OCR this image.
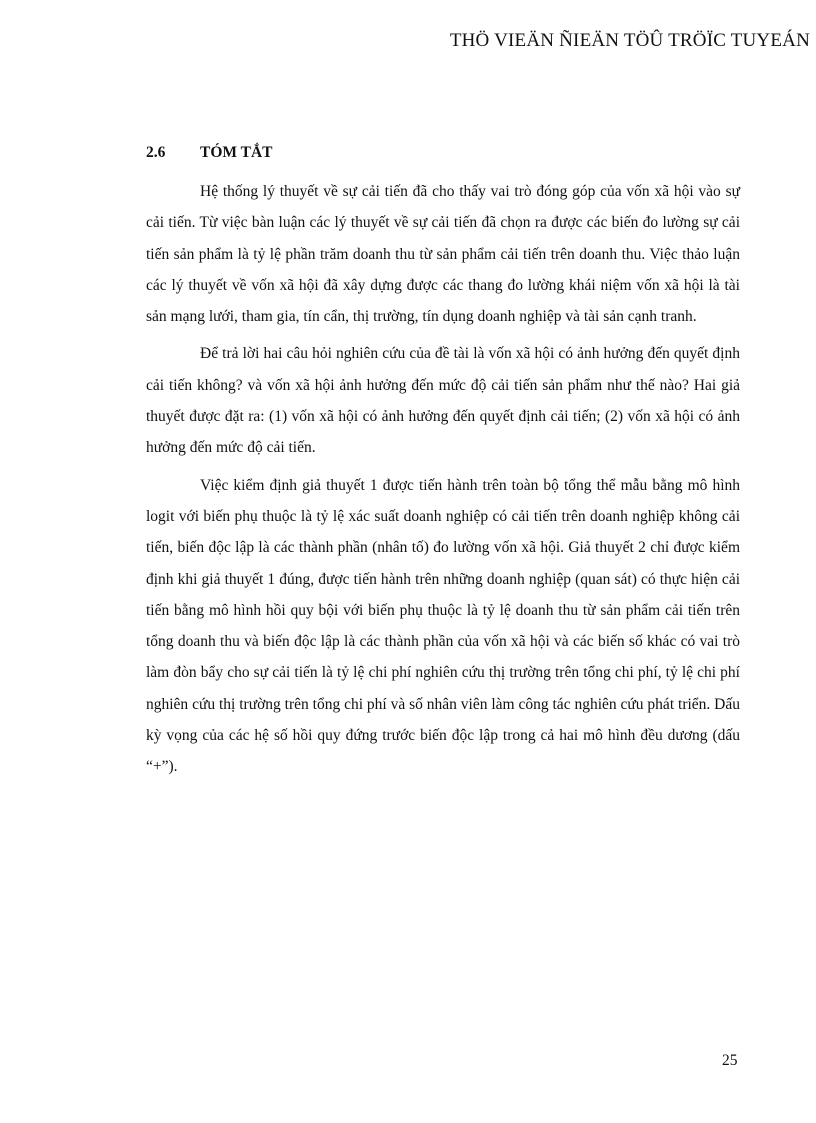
THÖ VIEÄN ÑIEÄN TÖÛ TRÖÏC TUYEÁN
2.6 TÓM TẮT

Hệ thống lý thuyết về sự cải tiến đã cho thấy vai trò đóng góp của vốn xã hội vào sự cải tiến. Từ việc bàn luận các lý thuyết về sự cải tiến đã chọn ra được các biến đo lường sự cải tiến sản phẩm là tỷ lệ phần trăm doanh thu từ sản phẩm cải tiến trên doanh thu. Việc thảo luận các lý thuyết về vốn xã hội đã xây dựng được các thang đo lường khái niệm vốn xã hội là tài sản mạng lưới, tham gia, tín cẩn, thị trường, tín dụng doanh nghiệp và tài sản cạnh tranh.

Để trả lời hai câu hỏi nghiên cứu của đề tài là vốn xã hội có ảnh hưởng đến quyết định cải tiến không? và vốn xã hội ảnh hưởng đến mức độ cải tiến sản phẩm như thế nào? Hai giả thuyết được đặt ra: (1) vốn xã hội có ảnh hưởng đến quyết định cải tiến; (2) vốn xã hội có ảnh hưởng đến mức độ cải tiến.

Việc kiểm định giả thuyết 1 được tiến hành trên toàn bộ tổng thể mẫu bằng mô hình logit với biến phụ thuộc là tỷ lệ xác suất doanh nghiệp có cải tiến trên doanh nghiệp không cải tiến, biến độc lập là các thành phần (nhân tố) đo lường vốn xã hội. Giả thuyết 2 chỉ được kiểm định khi giả thuyết 1 đúng, được tiến hành trên những doanh nghiệp (quan sát) có thực hiện cải tiến bằng mô hình hồi quy bội với biến phụ thuộc là tỷ lệ doanh thu từ sản phẩm cải tiến trên tổng doanh thu và biến độc lập là các thành phần của vốn xã hội và các biến số khác có vai trò làm đòn bẩy cho sự cải tiến là tỷ lệ chi phí nghiên cứu thị trường trên tổng chi phí, tỷ lệ chi phí nghiên cứu thị trường trên tổng chi phí và số nhân viên làm công tác nghiên cứu phát triển. Dấu kỳ vọng của các hệ số hồi quy đứng trước biến độc lập trong cả hai mô hình đều dương (dấu “+”).

25
